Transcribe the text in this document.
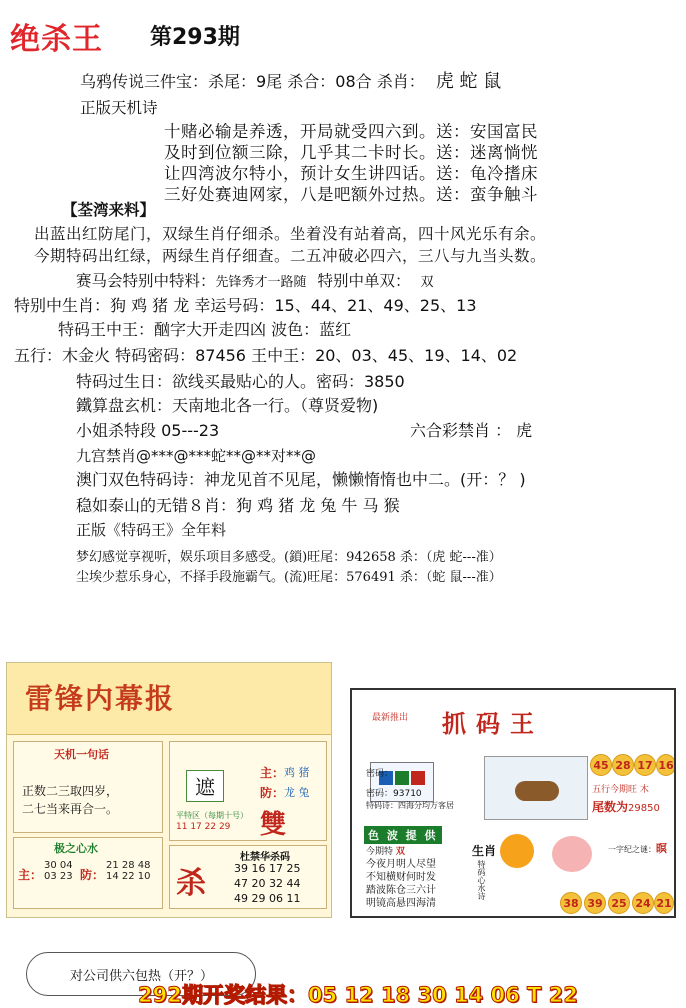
绝杀王 第293期
乌鸦传说三件宝：杀尾：9尾 杀合：08合 杀肖： 虎 蛇 鼠
正版天机诗
十赌必输是养透，开局就受四六到。送：安国富民
及时到位额三除，几乎其二卡时长。送：迷离惝恍
让四湾波尔特小，预计女生讲四话。送：龟冷搘床
三好处赛迪网家，八是吧额外过热。送：蛮争触斗
【荃湾来料】
出蓝出红防尾门，双绿生肖仔细杀。坐着没有站着高，四十风光乐有余。
今期特码出红绿，两绿生肖仔细查。二五冲破必四六，三八与九当头数。
赛马会特别中特料：先锋秀才一路随 特别中单双： 双
特别中生肖：狗 鸡 猪 龙 幸运号码：15、44、21、49、25、13
特码王中王：酗字大开走四凶 波色：蓝红
五行：木金火 特码密码：87456 王中王：20、03、45、19、14、02
特码过生日：欲线买最贴心的人。密码：3850
鐵算盘玄机：天南地北各一行。（尊贤爱物)
小姐杀特段 05---23	六合彩禁肖 ： 虎
九宫禁肖@***@***蛇**@**对**@
澳门双色特码诗：神龙见首不见尾，懒懒惰惰也中二。(开：？ )
稳如泰山的无错８肖：狗 鸡 猪 龙 兔 牛 马 猴
正版《特码王》全年料
梦幻感觉享视听，娱乐项目多感受。(鎖)旺尾：942658 杀：（虎 蛇---准）
尘埃少惹乐身心，不择手段施霸气。(流)旺尾：576491 杀：（蛇 鼠---准）
雷锋内幕报
天机一句话
正数二三取四岁，
二七当来再合一。
极之心水
主：
30 04
03 23 防：
21 28 48
14 22 10
遮
主： 鸡 猪
防： 龙 兔
平特区（每期十号）
11 17 22 29 雙
杀
杜禁华杀码
39 16 17 25
47 20 32 44
49 29 06 11
最新推出 抓码王
密码：
密码：93710
特码诗：四海分均万客居
45 28 17 16
五行今期旺 木
尾数为29850
色 波 提 供
今期特 双
今夜月明人尽望
不知横财何时发
踏波陈仓三六计
明镜高悬四海清
生肖
特码心水诗
一字纪之谜：暝
38 39 25 24 21
对公司供六包热（开？）
292期开奖结果：05 12 18 30 14 06 T 22
